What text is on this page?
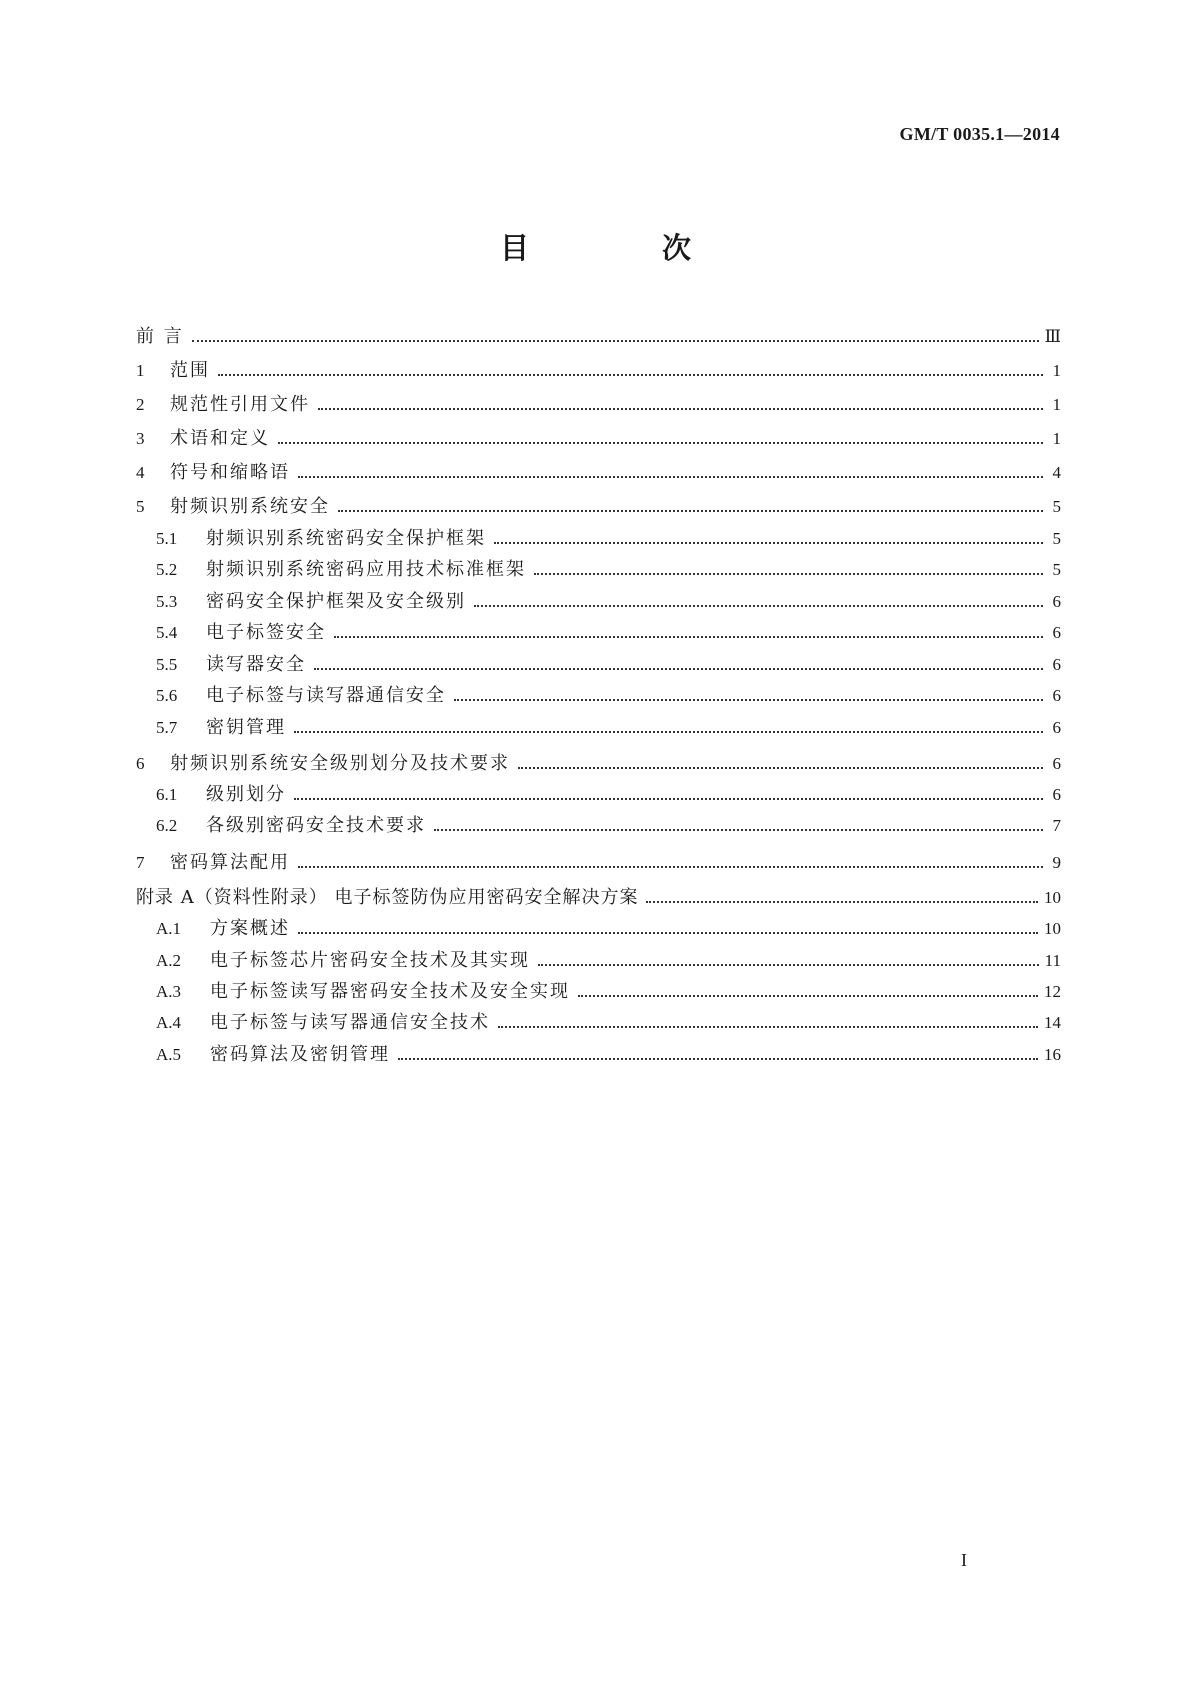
GM/T 0035.1—2014
目　次
前 言	Ⅲ
1	范围	1
2	规范性引用文件	1
3	术语和定义	1
4	符号和缩略语	4
5	射频识别系统安全	5
5.1	射频识别系统密码安全保护框架	5
5.2	射频识别系统密码应用技术标准框架	5
5.3	密码安全保护框架及安全级别	6
5.4	电子标签安全	6
5.5	读写器安全	6
5.6	电子标签与读写器通信安全	6
5.7	密钥管理	6
6	射频识别系统安全级别划分及技术要求	6
6.1	级别划分	6
6.2	各级别密码安全技术要求	7
7	密码算法配用	9
附录 A（资料性附录） 电子标签防伪应用密码安全解决方案	10
A.1	方案概述	10
A.2	电子标签芯片密码安全技术及其实现	11
A.3	电子标签读写器密码安全技术及安全实现	12
A.4	电子标签与读写器通信安全技术	14
A.5	密码算法及密钥管理	16
I
